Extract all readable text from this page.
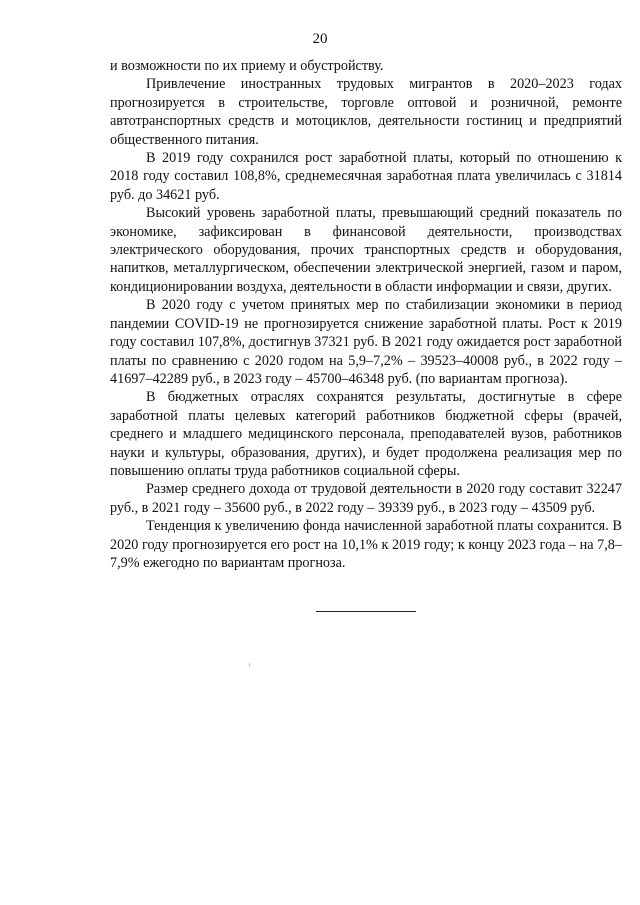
20

и возможности по их приему и обустройству.

Привлечение иностранных трудовых мигрантов в 2020–2023 годах прогнозируется в строительстве, торговле оптовой и розничной, ремонте автотранспортных средств и мотоциклов, деятельности гостиниц и предприятий общественного питания.

В 2019 году сохранился рост заработной платы, который по отношению к 2018 году составил 108,8%, среднемесячная заработная плата увеличилась с 31814 руб. до 34621 руб.

Высокий уровень заработной платы, превышающий средний показатель по экономике, зафиксирован в финансовой деятельности, производствах электрического оборудования, прочих транспортных средств и оборудования, напитков, металлургическом, обеспечении электрической энергией, газом и паром, кондиционировании воздуха, деятельности в области информации и связи, других.

В 2020 году с учетом принятых мер по стабилизации экономики в период пандемии COVID-19 не прогнозируется снижение заработной платы. Рост к 2019 году составил 107,8%, достигнув 37321 руб. В 2021 году ожидается рост заработной платы по сравнению с 2020 годом на 5,9–7,2% – 39523–40008 руб., в 2022 году – 41697–42289 руб., в 2023 году – 45700–46348 руб. (по вариантам прогноза).

В бюджетных отраслях сохранятся результаты, достигнутые в сфере заработной платы целевых категорий работников бюджетной сферы (врачей, среднего и младшего медицинского персонала, преподавателей вузов, работников науки и культуры, образования, других), и будет продолжена реализация мер по повышению оплаты труда работников социальной сферы.

Размер среднего дохода от трудовой деятельности в 2020 году составит 32247 руб., в 2021 году – 35600 руб., в 2022 году – 39339 руб., в 2023 году – 43509 руб.

Тенденция к увеличению фонда начисленной заработной платы сохранится. В 2020 году прогнозируется его рост на 10,1% к 2019 году; к концу 2023 года – на 7,8–7,9% ежегодно по вариантам прогноза.
